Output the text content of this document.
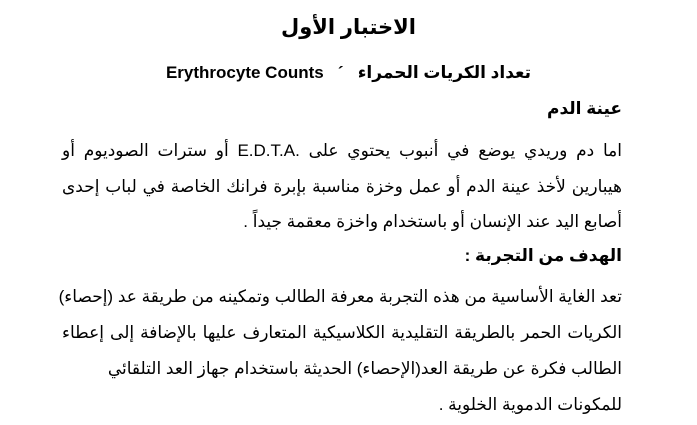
الاختبار الأول
تعداد الكريات الحمراء   ´   Erythrocyte Counts
عينة الدم
اما دم وريدي يوضع في أنبوب يحتوي على .E.D.T.A أو سترات الصوديوم أو
هيبارين لأخذ عينة الدم أو عمل وخزة مناسبة بإبرة فرانك الخاصة في لباب إحدى
أصابع اليد عند الإنسان أو باستخدام واخزة معقمة جيداً .
الهدف من التجربة :
تعد الغاية الأساسية من هذه التجربة معرفة الطالب وتمكينه من طريقة عد (إحصاء)
الكريات الحمر بالطريقة التقليدية الكلاسيكية المتعارف عليها بالإضافة إلى إعطاء
الطالب فكرة عن طريقة العد(الإحصاء) الحديثة باستخدام جهاز العد التلقائي
للمكونات الدموية الخلوية .
